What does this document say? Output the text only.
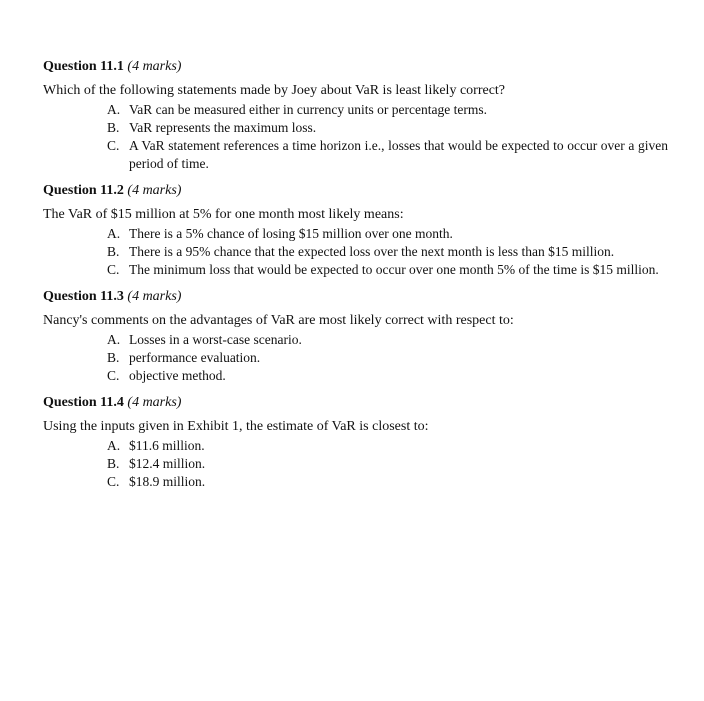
Question 11.1 (4 marks)

Which of the following statements made by Joey about VaR is least likely correct?

A. VaR can be measured either in currency units or percentage terms.
B. VaR represents the maximum loss.
C. A VaR statement references a time horizon i.e., losses that would be expected to occur over a given period of time.

Question 11.2 (4 marks)

The VaR of $15 million at 5% for one month most likely means:

A. There is a 5% chance of losing $15 million over one month.
B. There is a 95% chance that the expected loss over the next month is less than $15 million.
C. The minimum loss that would be expected to occur over one month 5% of the time is $15 million.

Question 11.3 (4 marks)

Nancy's comments on the advantages of VaR are most likely correct with respect to:

A. Losses in a worst-case scenario.
B. performance evaluation.
C. objective method.

Question 11.4 (4 marks)

Using the inputs given in Exhibit 1, the estimate of VaR is closest to:

A. $11.6 million.
B. $12.4 million.
C. $18.9 million.
